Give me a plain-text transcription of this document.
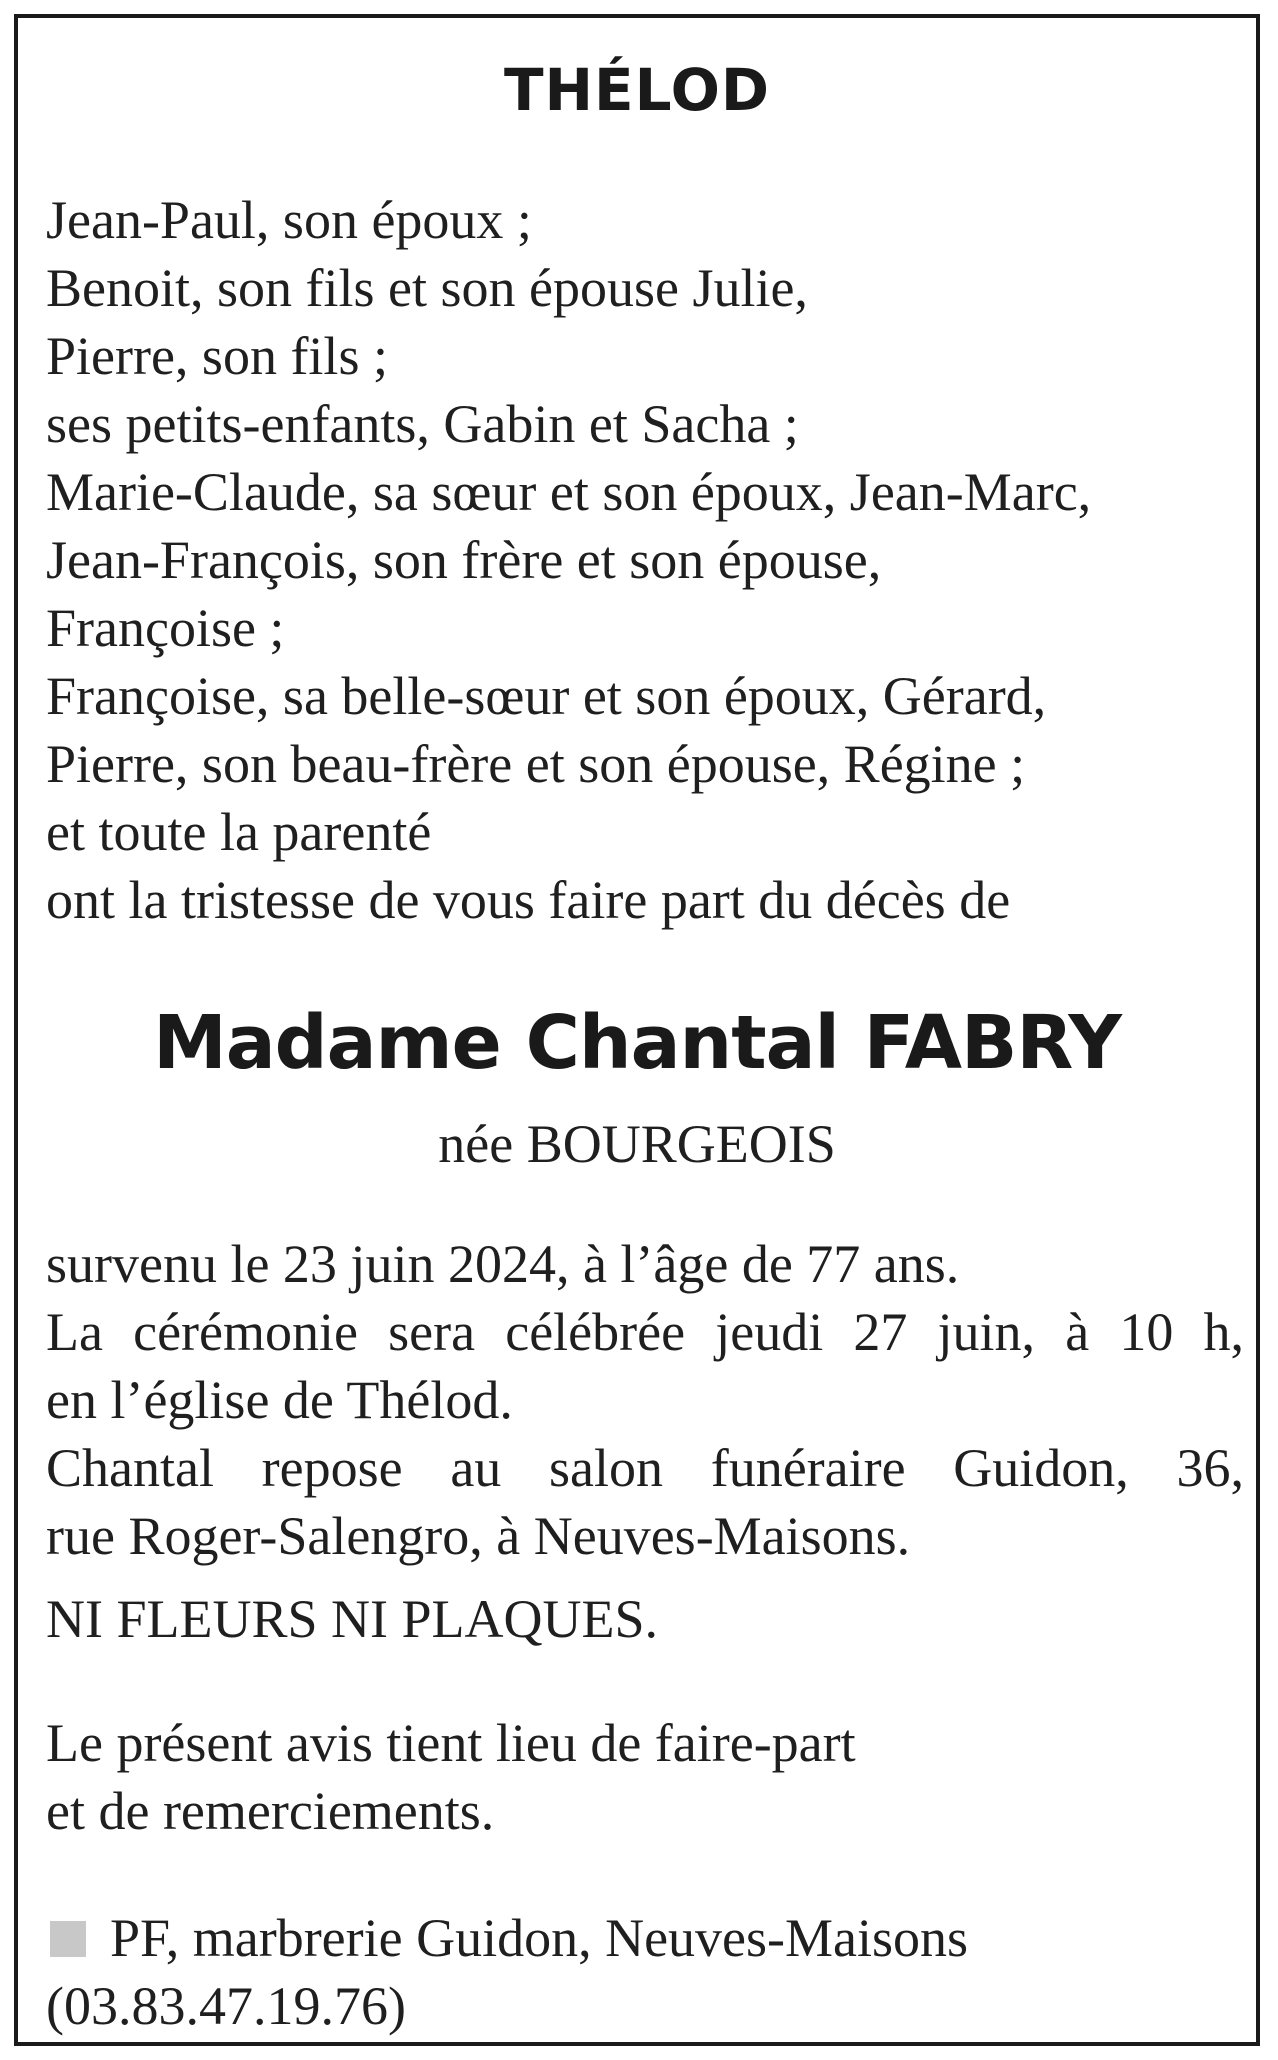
THÉLOD
Jean-Paul, son époux ;
Benoit, son fils et son épouse Julie,
Pierre, son fils ;
ses petits-enfants, Gabin et Sacha ;
Marie-Claude, sa sœur et son époux, Jean-Marc,
Jean-François, son frère et son épouse,
Françoise ;
Françoise, sa belle-sœur et son époux, Gérard,
Pierre, son beau-frère et son épouse, Régine ;
et toute la parenté
ont la tristesse de vous faire part du décès de
Madame Chantal FABRY
née BOURGEOIS
survenu le 23 juin 2024, à l’âge de 77 ans.
La cérémonie sera célébrée jeudi 27 juin, à 10 h,
en l’église de Thélod.
Chantal repose au salon funéraire Guidon, 36,
rue Roger-Salengro, à Neuves-Maisons.
NI FLEURS NI PLAQUES.
Le présent avis tient lieu de faire-part
et de remerciements.
PF, marbrerie Guidon, Neuves-Maisons
(03.83.47.19.76)
